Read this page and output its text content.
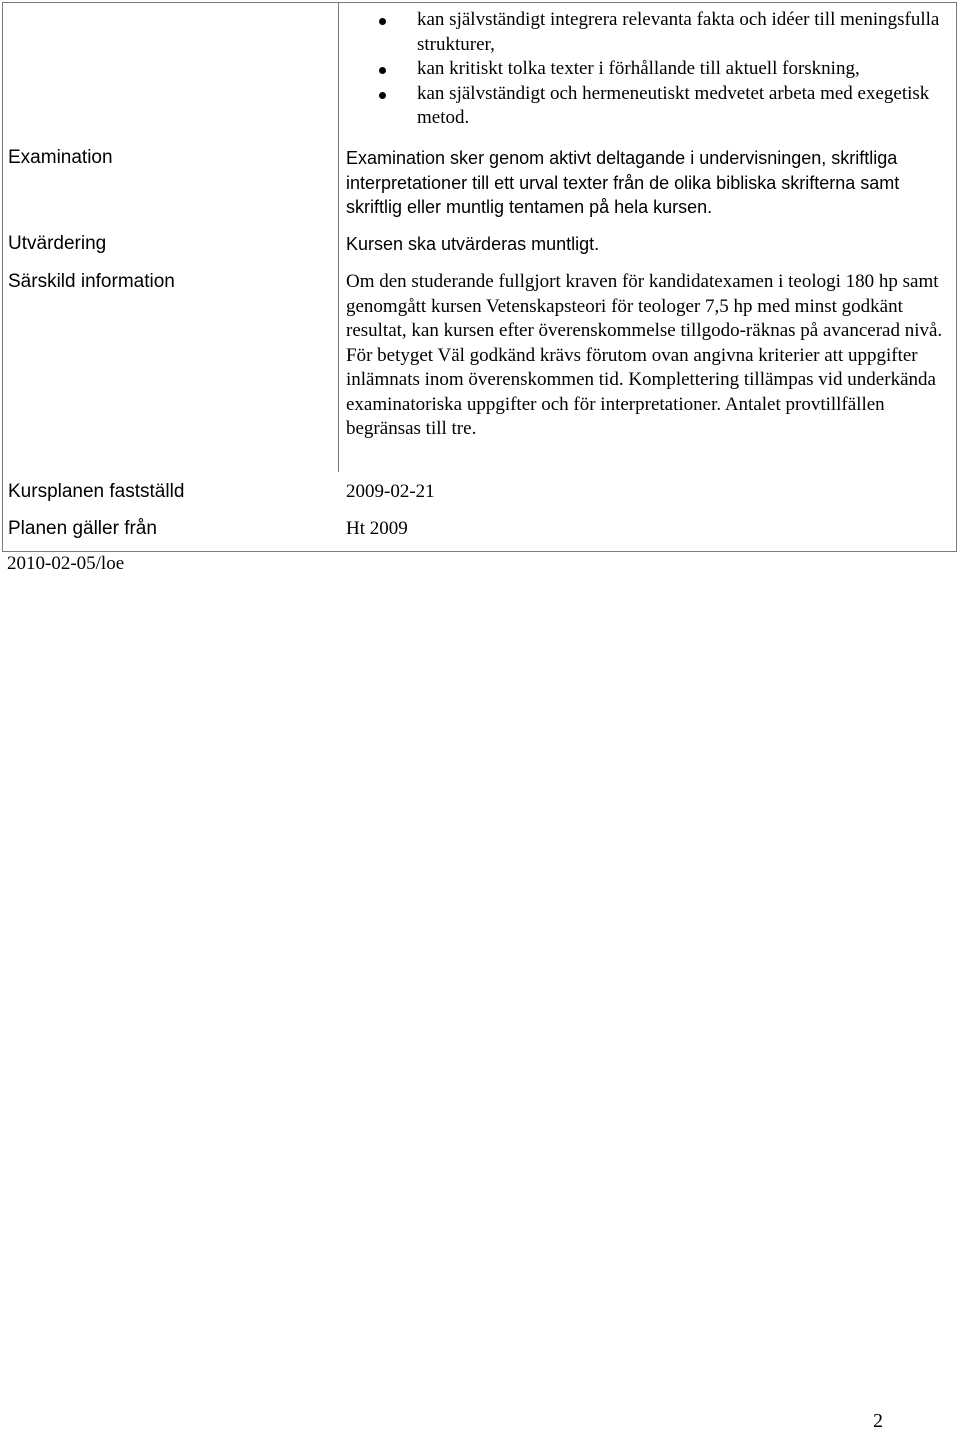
kan självständigt integrera relevanta fakta och idéer till meningsfulla strukturer,
kan kritiskt tolka texter i förhållande till aktuell forskning,
kan självständigt och hermeneutiskt medvetet arbeta med exegetisk metod.

Examination	Examination sker genom aktivt deltagande i undervisningen, skriftliga interpretationer till ett urval texter från de olika bibliska skrifterna samt skriftlig eller muntlig tentamen på hela kursen.

Utvärdering	Kursen ska utvärderas muntligt.

Särskild information	Om den studerande fullgjort kraven för kandidatexamen i teologi 180 hp samt genomgått kursen Vetenskapsteori för teologer 7,5 hp med minst godkänt resultat, kan kursen efter överenskommelse tillgodo-räknas på avancerad nivå.

För betyget Väl godkänd krävs förutom ovan angivna kriterier att uppgifter inlämnats inom överenskommen tid. Komplettering tillämpas vid underkända examinatoriska uppgifter och för interpretationer. Antalet provtillfällen begränsas till tre.

Kursplanen fastställd	2009-02-21

Planen gäller från	Ht 2009

2010-02-05/loe

2
